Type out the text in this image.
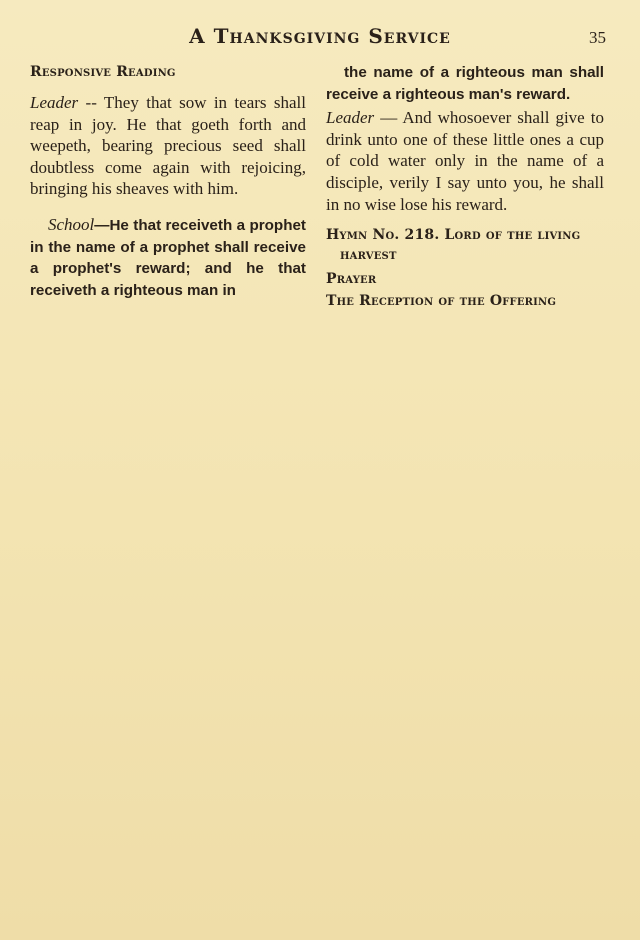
A Thanksgiving Service	35

Responsive Reading

Leader -- They that sow in tears shall reap in joy. He that goeth forth and weepeth, bearing precious seed shall doubtless come again with rejoicing, bringing his sheaves with him.

School—He that receiveth a prophet in the name of a prophet shall receive a prophet's reward; and he that receiveth a righteous man in

the name of a righteous man shall receive a righteous man's reward.

Leader — And whosoever shall give to drink unto one of these little ones a cup of cold water only in the name of a disciple, verily I say unto you, he shall in no wise lose his reward.

Hymn No. 218. Lord of the living

harvest

Prayer

The Reception of the Offering
